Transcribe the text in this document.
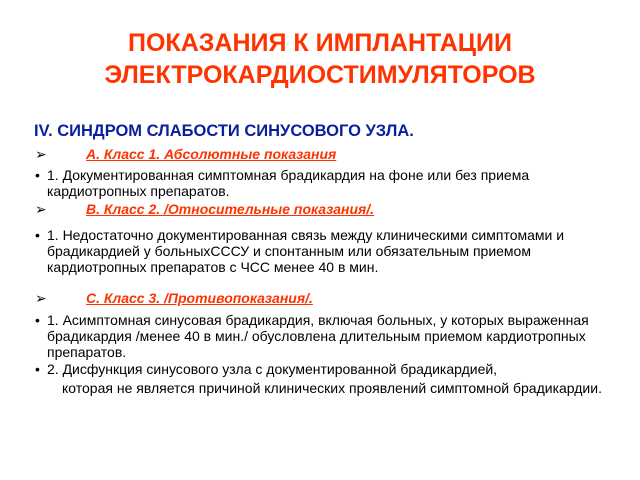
ПОКАЗАНИЯ К ИМПЛАНТАЦИИ
ЭЛЕКТРОКАРДИОСТИМУЛЯТОРОВ
IV. СИНДРОМ СЛАБОСТИ СИНУСОВОГО УЗЛА.
➢	А. Класс 1. Абсолютные показания
• 1. Документированная симптомная брадикардия на фоне или без приема кардиотропных препаратов.
➢	В. Класс 2. /Относительные показания/.
• 1. Недостаточно документированная связь между клиническими симптомами и брадикардией у больныхСССУ и спонтанным или обязательным приемом кардиотропных препаратов с ЧСС менее 40 в мин.
➢	С. Класс 3. /Противопоказания/.
• 1. Асимптомная синусовая брадикардия, включая больных, у которых выраженная брадикардия /менее 40 в мин./ обусловлена длительным приемом кардиотропных препаратов.
• 2. Дисфункция синусового узла с документированной брадикардией,
которая не является причиной клинических проявлений симптомной брадикардии.
